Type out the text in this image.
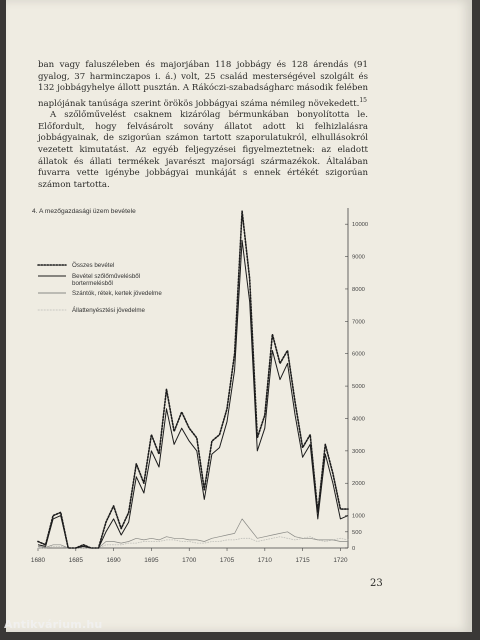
ban vagy faluszéleben és majorjában 118 jobbágy és 128 árendás (91 gyalog, 37 harminczapos i. á.) volt, 25 család mesterségével szolgált és 132 jobbágyhelye állott pusztán. A Rákóczi-szabadságharc második felében naplójának tanúsága szerint örökös jobbágyai száma némileg növekedett.$^{15}$

A szőlőművelést csaknem kizárólag bérmunkában bonyolította le. Előfordult, hogy felvásárolt sovány állatot adott ki felhizlalásra jobbágyainak, de szigorúan számon tartott szaporulatukról, elhullásokról vezetett kimutatást. Az egyéb feljegyzései figyelmeztetnek: az eladott állatok és állati termékek javarészt majorsági származékok. Általában fuvarra vette igénybe jobbágyai munkáját s ennek értékét szigorúan számon tartotta.

1680	1685	1690	1695	1700	1705	1710	1715	1720
0
500
1000
2000
3000
4000
5000
6000
7000
8000
9000
10000
Összes bevétel
Bevétel szőlőművelésből
bortermelésből
Szántók, rétek, kertek jövedelme
Állattenyésztési jövedelme
4. A mezőgazdasági üzem bevétele
23
Antikvárium.hu
